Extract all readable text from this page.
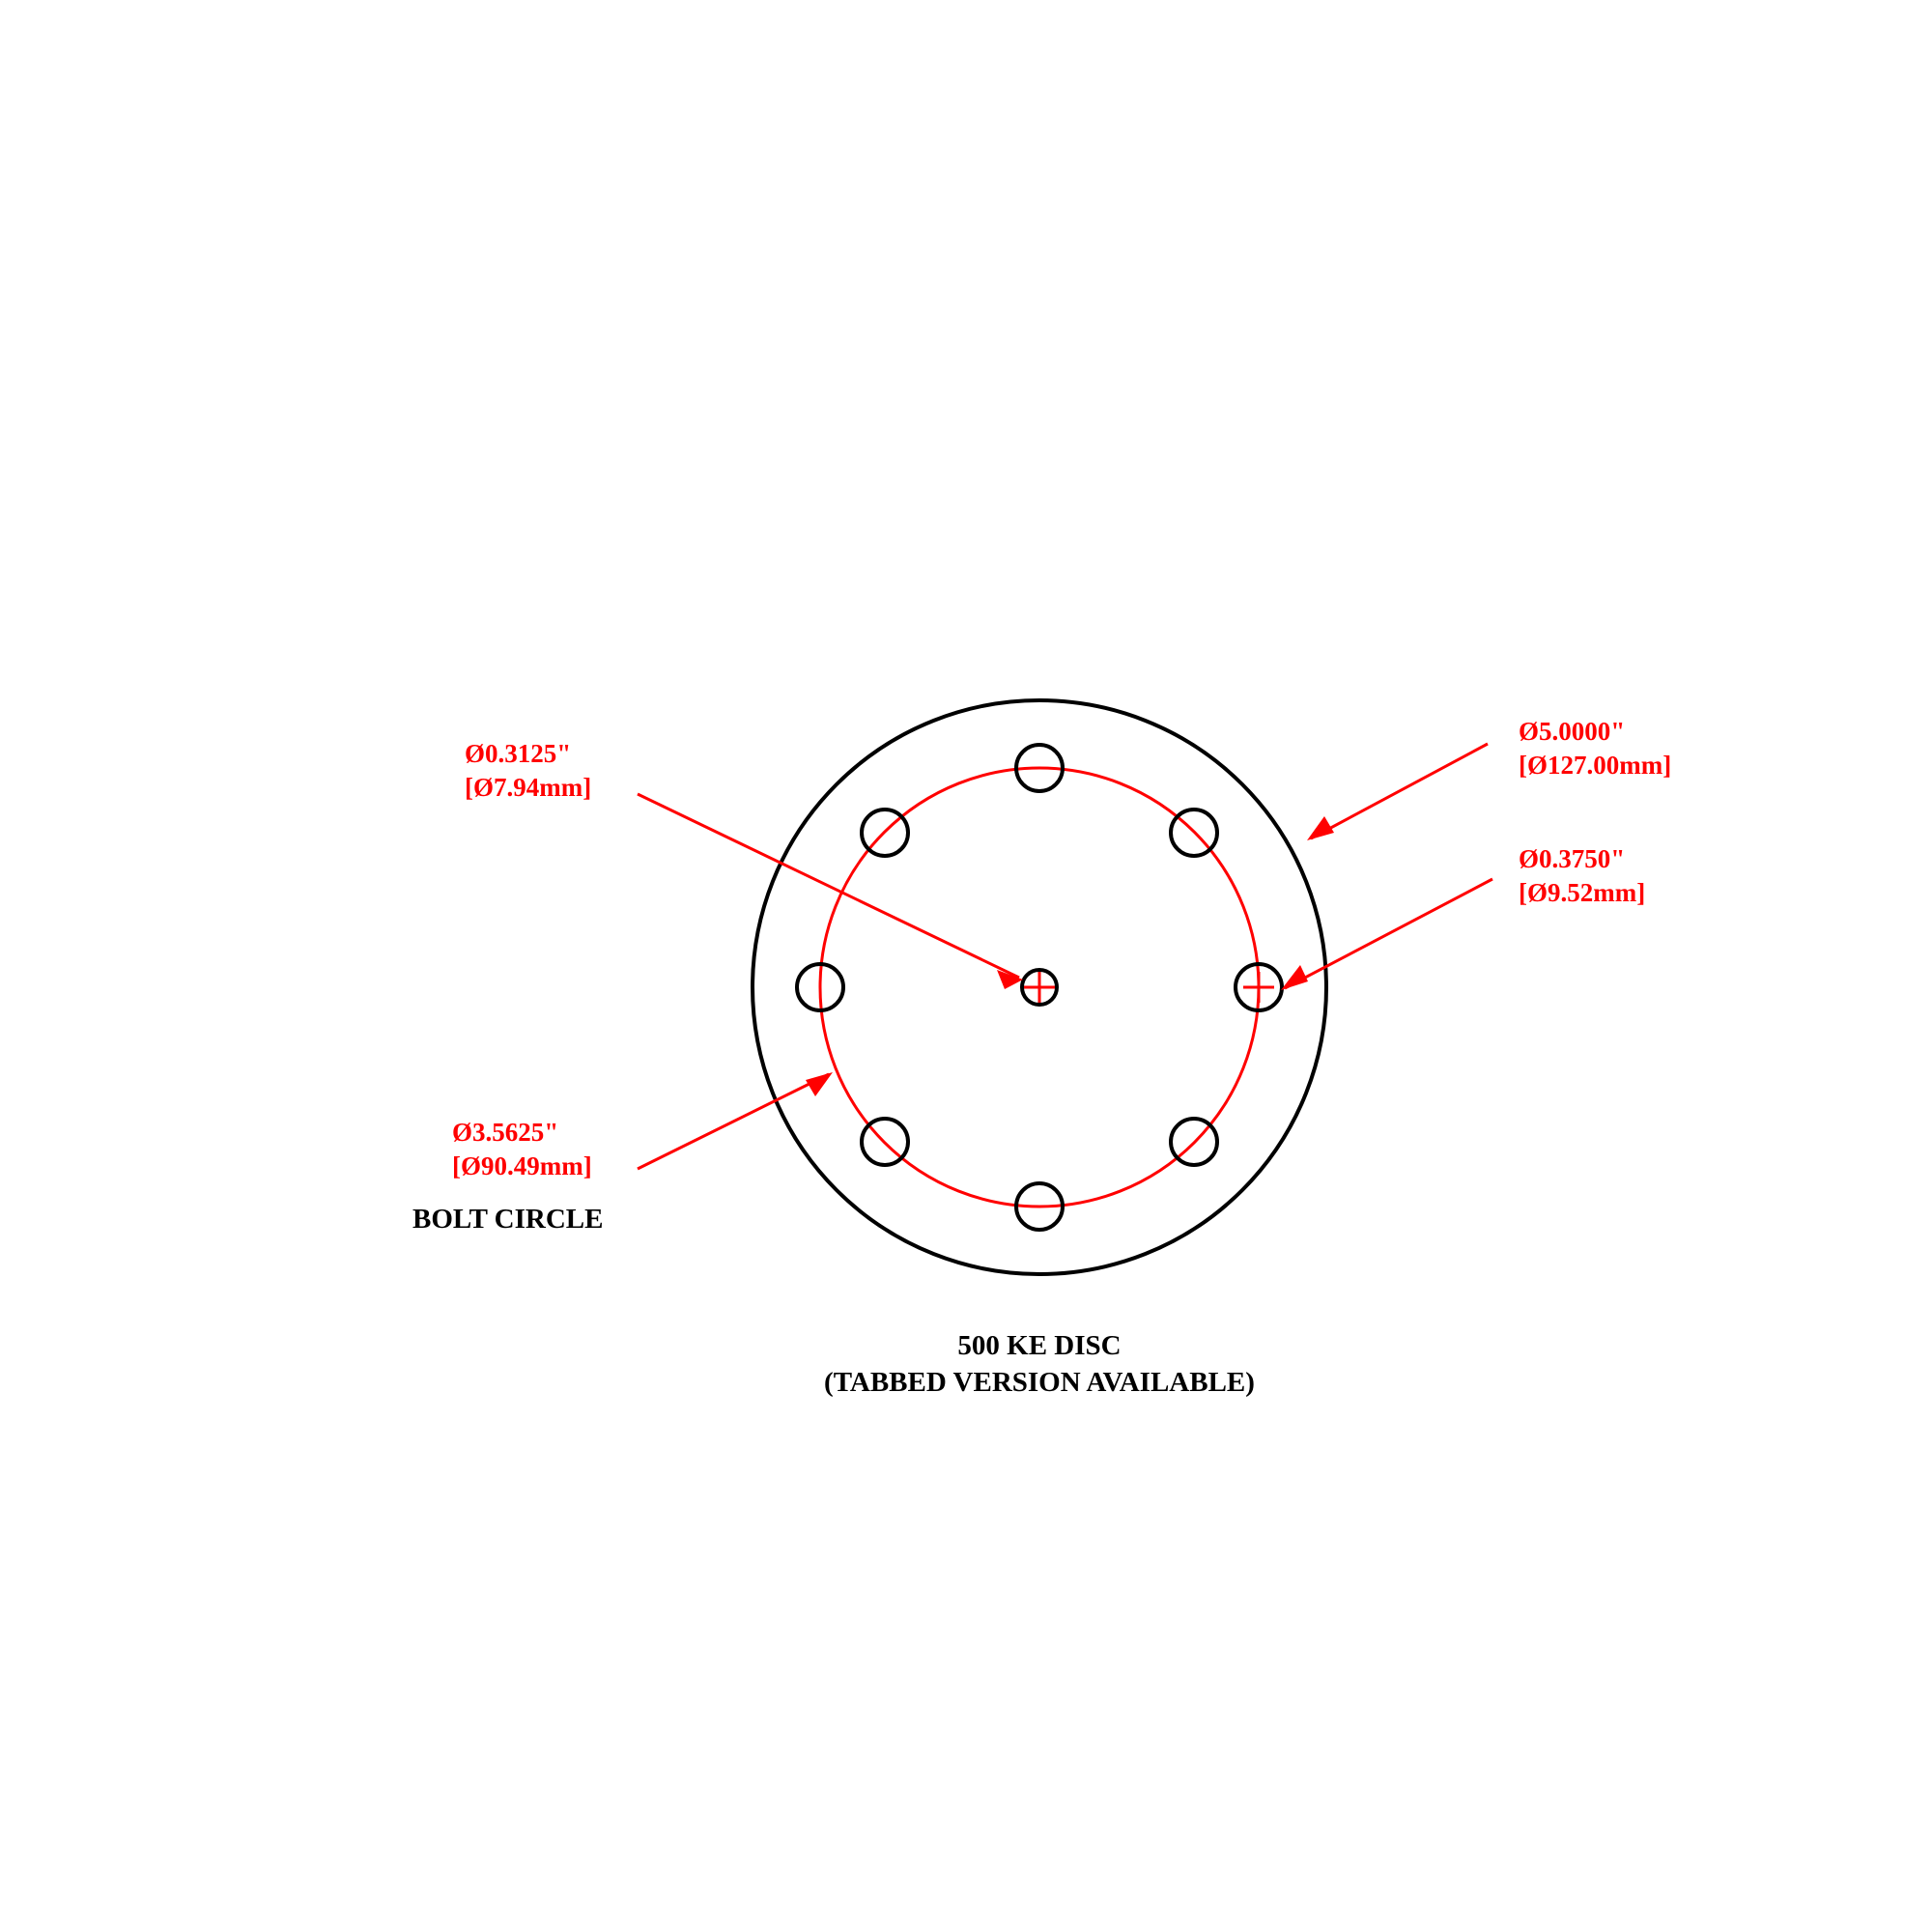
Ø0.3125"
[Ø7.94mm]
Ø5.0000"
[Ø127.00mm]
Ø0.3750"
[Ø9.52mm]
Ø3.5625"
[Ø90.49mm]
BOLT CIRCLE
500 KE DISC
(TABBED VERSION AVAILABLE)
